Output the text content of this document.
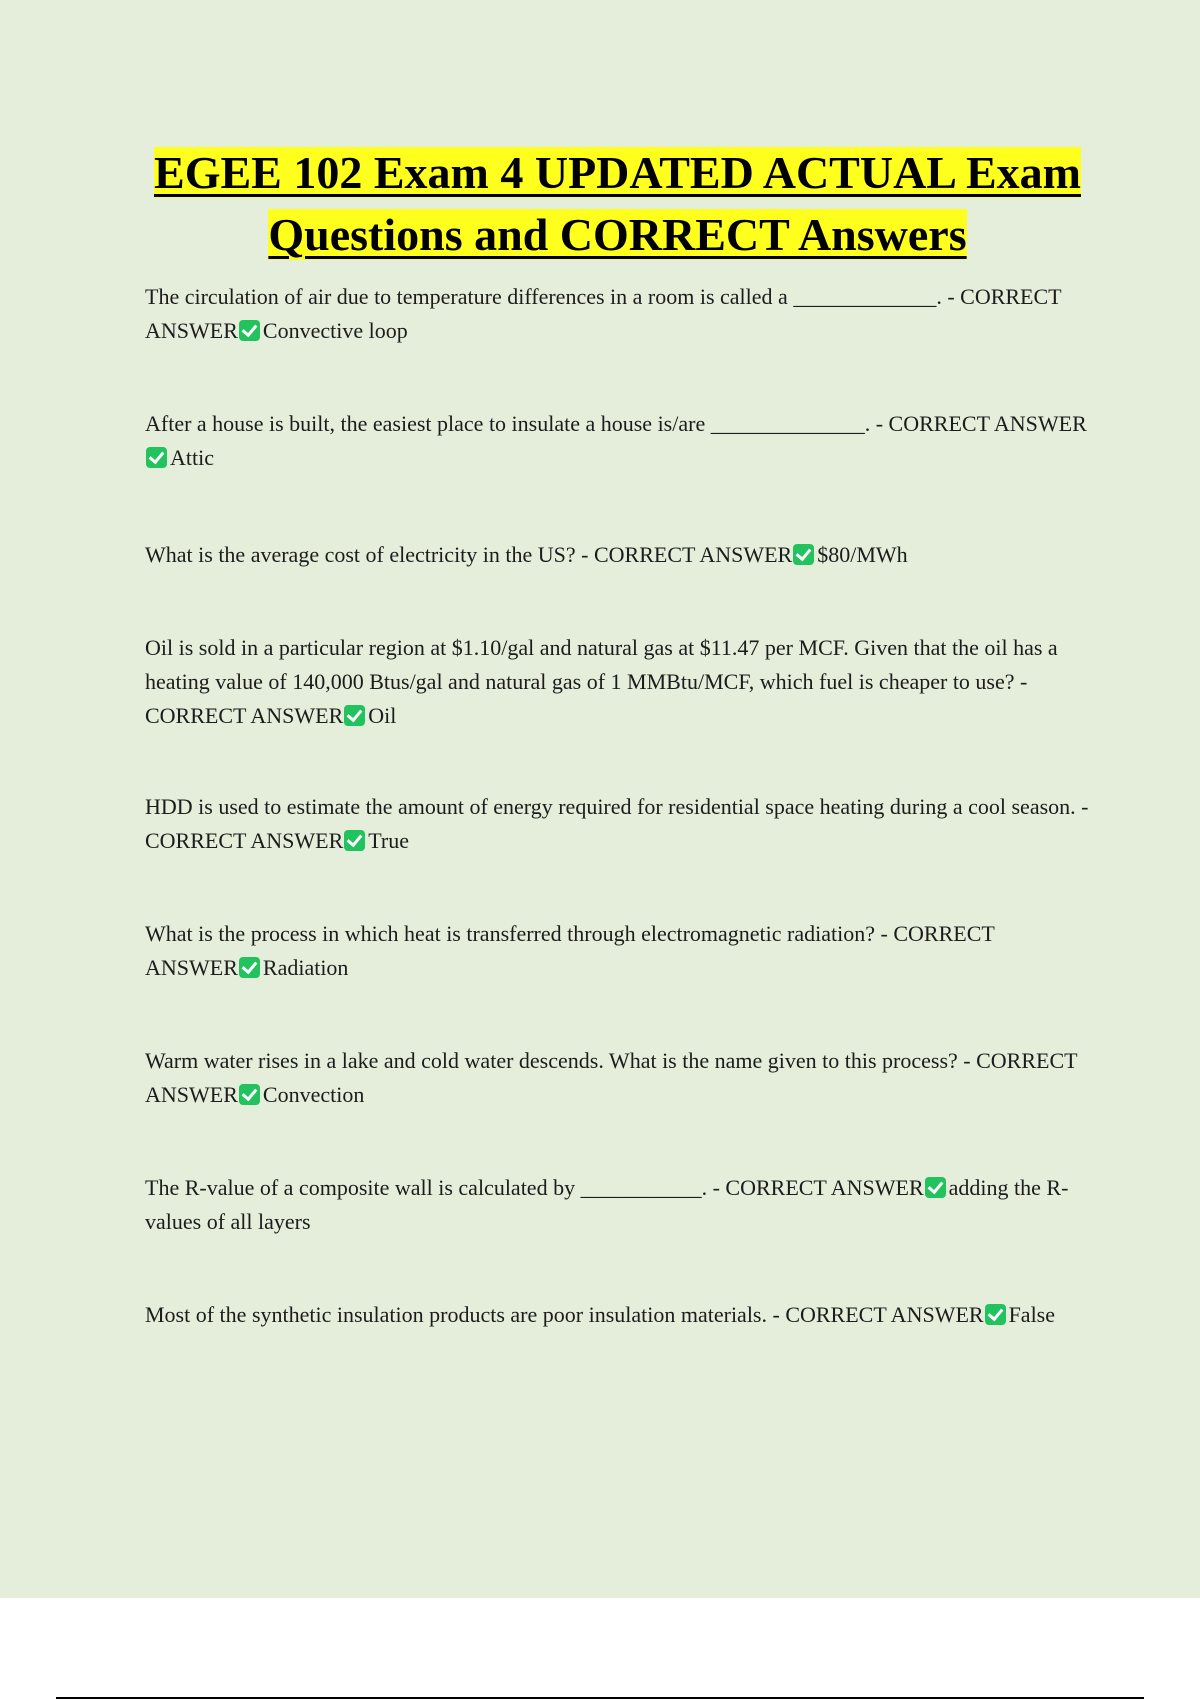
EGEE 102 Exam 4 UPDATED ACTUAL Exam Questions and CORRECT Answers

The circulation of air due to temperature differences in a room is called a _____________. - CORRECT ANSWER Convective loop

After a house is built, the easiest place to insulate a house is/are ______________. - CORRECT ANSWERAttic

What is the average cost of electricity in the US? - CORRECT ANSWER $80/MWh

Oil is sold in a particular region at $1.10/gal and natural gas at $11.47 per MCF. Given that the oil has a heating value of 140,000 Btus/gal and natural gas of 1 MMBtu/MCF, which fuel is cheaper to use? - CORRECT ANSWER Oil

HDD is used to estimate the amount of energy required for residential space heating during a cool season. - CORRECT ANSWER True

What is the process in which heat is transferred through electromagnetic radiation? - CORRECT ANSWER Radiation

Warm water rises in a lake and cold water descends. What is the name given to this process? - CORRECT ANSWER Convection

The R-value of a composite wall is calculated by ___________. - CORRECT ANSWER adding the R-values of all layers

Most of the synthetic insulation products are poor insulation materials. - CORRECT ANSWER False
